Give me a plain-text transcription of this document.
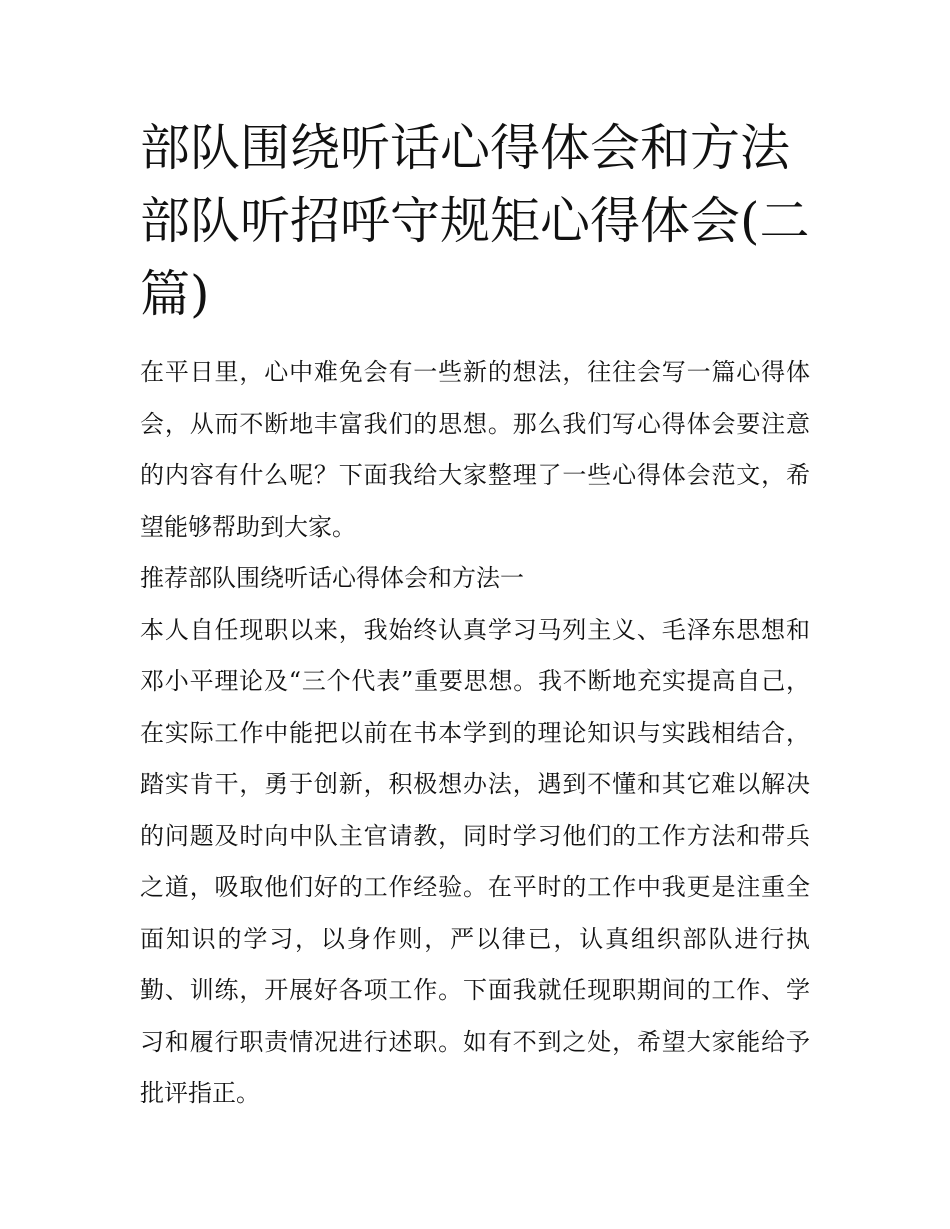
部队围绕听话心得体会和方法部队听招呼守规矩心得体会(二篇)

在平日里，心中难免会有一些新的想法，往往会写一篇心得体会，从而不断地丰富我们的思想。那么我们写心得体会要注意的内容有什么呢？下面我给大家整理了一些心得体会范文，希望能够帮助到大家。

推荐部队围绕听话心得体会和方法一

本人自任现职以来，我始终认真学习马列主义、毛泽东思想和邓小平理论及“三个代表”重要思想。我不断地充实提高自己，在实际工作中能把以前在书本学到的理论知识与实践相结合，踏实肯干，勇于创新，积极想办法，遇到不懂和其它难以解决的问题及时向中队主官请教，同时学习他们的工作方法和带兵之道，吸取他们好的工作经验。在平时的工作中我更是注重全面知识的学习，以身作则，严以律已，认真组织部队进行执勤、训练，开展好各项工作。下面我就任现职期间的工作、学习和履行职责情况进行述职。如有不到之处，希望大家能给予批评指正。
